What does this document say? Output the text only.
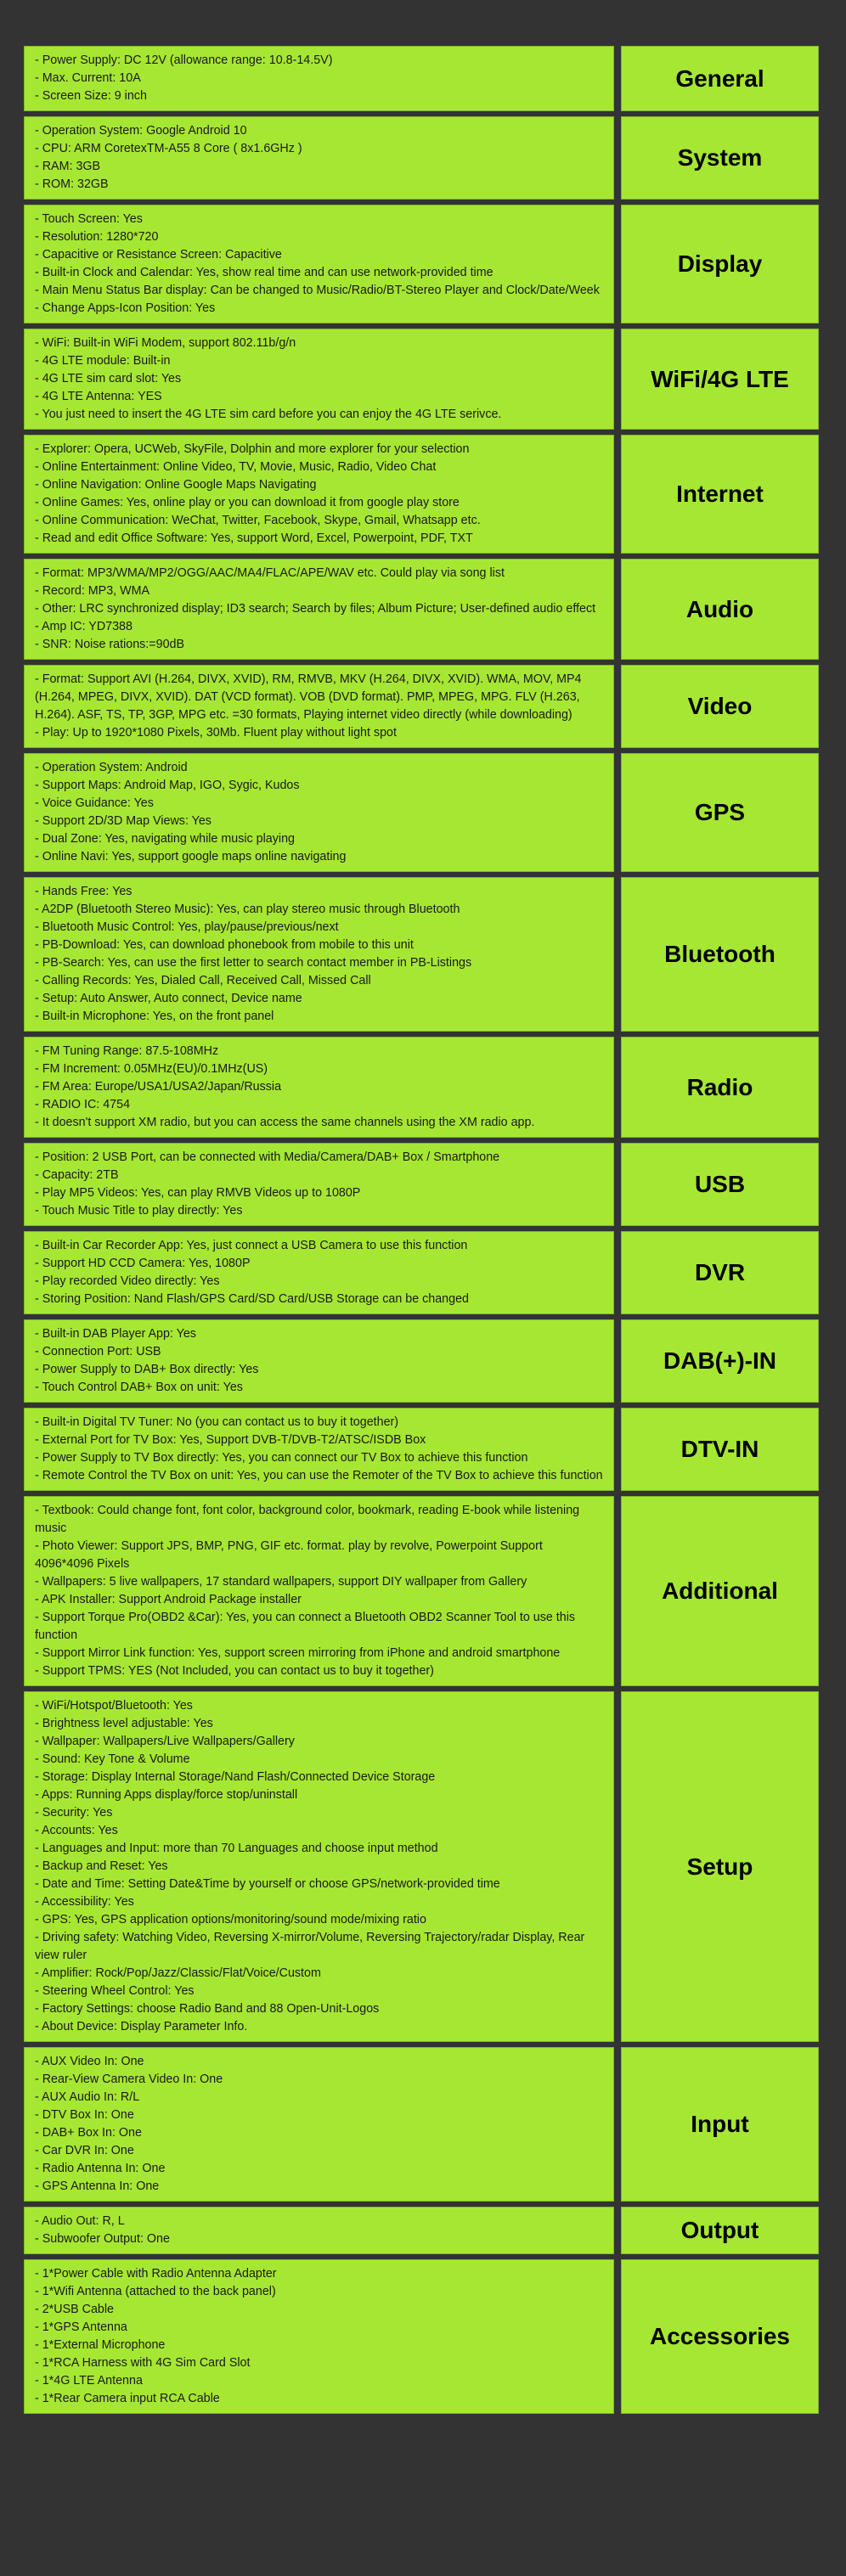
- Power Supply: DC 12V (allowance range: 10.8-14.5V)
- Max. Current: 10A
- Screen Size: 9 inch
General
- Operation System: Google Android 10
- CPU: ARM CoretexTM-A55 8 Core ( 8x1.6GHz )
- RAM: 3GB
- ROM: 32GB
System
- Touch Screen: Yes
- Resolution: 1280*720
- Capacitive or Resistance Screen: Capacitive
- Built-in Clock and Calendar: Yes, show real time and can use network-provided time
- Main Menu Status Bar display: Can be changed to Music/Radio/BT-Stereo Player and Clock/Date/Week
- Change Apps-Icon Position: Yes
Display
- WiFi: Built-in WiFi Modem, support 802.11b/g/n
- 4G LTE module: Built-in
- 4G LTE sim card slot: Yes
- 4G LTE Antenna: YES
- You just need to insert the 4G LTE sim card before you can enjoy the 4G LTE serivce.
WiFi/4G LTE
- Explorer: Opera, UCWeb, SkyFile, Dolphin and more explorer for your selection
- Online Entertainment: Online Video, TV, Movie, Music, Radio, Video Chat
- Online Navigation: Online Google Maps Navigating
- Online Games: Yes, online play or you can download it from google play store
- Online Communication: WeChat, Twitter, Facebook, Skype, Gmail, Whatsapp etc.
- Read and edit Office Software: Yes, support Word, Excel, Powerpoint, PDF, TXT
Internet
- Format: MP3/WMA/MP2/OGG/AAC/MA4/FLAC/APE/WAV etc. Could play via song list
- Record: MP3, WMA
- Other: LRC synchronized display; ID3 search; Search by files; Album Picture; User-defined audio effect
- Amp IC: YD7388
- SNR: Noise rations:=90dB
Audio
- Format: Support AVI (H.264, DIVX, XVID), RM, RMVB, MKV (H.264, DIVX, XVID). WMA, MOV, MP4 (H.264, MPEG, DIVX, XVID). DAT (VCD format). VOB (DVD format). PMP, MPEG, MPG. FLV (H.263, H.264). ASF, TS, TP, 3GP, MPG etc. =30 formats, Playing internet video directly (while downloading)
- Play: Up to 1920*1080 Pixels, 30Mb. Fluent play without light spot
Video
- Operation System: Android
- Support Maps: Android Map, IGO, Sygic, Kudos
- Voice Guidance: Yes
- Support 2D/3D Map Views: Yes
- Dual Zone: Yes, navigating while music playing
- Online Navi: Yes, support google maps online navigating
GPS
- Hands Free: Yes
- A2DP (Bluetooth Stereo Music): Yes, can play stereo music through Bluetooth
- Bluetooth Music Control: Yes, play/pause/previous/next
- PB-Download: Yes, can download phonebook from mobile to this unit
- PB-Search: Yes, can use the first letter to search contact member in PB-Listings
- Calling Records: Yes, Dialed Call, Received Call, Missed Call
- Setup: Auto Answer, Auto connect, Device name
- Built-in Microphone: Yes, on the front panel
Bluetooth
- FM Tuning Range: 87.5-108MHz
- FM Increment: 0.05MHz(EU)/0.1MHz(US)
- FM Area: Europe/USA1/USA2/Japan/Russia
- RADIO IC: 4754
- It doesn't support XM radio, but you can access the same channels using the XM radio app.
Radio
- Position: 2 USB Port, can be connected with Media/Camera/DAB+ Box / Smartphone
- Capacity: 2TB
- Play MP5 Videos: Yes, can play RMVB Videos up to 1080P
- Touch Music Title to play directly: Yes
USB
- Built-in Car Recorder App: Yes, just connect a USB Camera to use this function
- Support HD CCD Camera: Yes, 1080P
- Play recorded Video directly: Yes
- Storing Position: Nand Flash/GPS Card/SD Card/USB Storage can be changed
DVR
- Built-in DAB Player App: Yes
- Connection Port: USB
- Power Supply to DAB+ Box directly: Yes
- Touch Control DAB+ Box on unit: Yes
DAB(+)-IN
- Built-in Digital TV Tuner: No (you can contact us to buy it together)
- External Port for TV Box: Yes, Support DVB-T/DVB-T2/ATSC/ISDB Box
- Power Supply to TV Box directly: Yes, you can connect our TV Box to achieve this function
- Remote Control the TV Box on unit: Yes, you can use the Remoter of the TV Box to achieve this function
DTV-IN
- Textbook: Could change font, font color, background color, bookmark, reading E-book while listening music
- Photo Viewer: Support JPS, BMP, PNG, GIF etc. format. play by revolve, Powerpoint Support 4096*4096 Pixels
- Wallpapers: 5 live wallpapers, 17 standard wallpapers, support DIY wallpaper from Gallery
- APK Installer: Support Android Package installer
- Support Torque Pro(OBD2 &Car): Yes, you can connect a Bluetooth OBD2 Scanner Tool to use this function
- Support Mirror Link function: Yes, support screen mirroring from iPhone and android smartphone
- Support TPMS: YES (Not Included, you can contact us to buy it together)
Additional
- WiFi/Hotspot/Bluetooth: Yes
- Brightness level adjustable: Yes
- Wallpaper: Wallpapers/Live Wallpapers/Gallery
- Sound: Key Tone & Volume
- Storage: Display Internal Storage/Nand Flash/Connected Device Storage
- Apps: Running Apps display/force stop/uninstall
- Security: Yes
- Accounts: Yes
- Languages and Input: more than 70 Languages and choose input method
- Backup and Reset: Yes
- Date and Time: Setting Date&Time by yourself or choose GPS/network-provided time
- Accessibility: Yes
- GPS: Yes, GPS application options/monitoring/sound mode/mixing ratio
- Driving safety: Watching Video, Reversing X-mirror/Volume, Reversing Trajectory/radar Display, Rear view ruler
- Amplifier: Rock/Pop/Jazz/Classic/Flat/Voice/Custom
- Steering Wheel Control: Yes
- Factory Settings: choose Radio Band and 88 Open-Unit-Logos
- About Device: Display Parameter Info.
Setup
- AUX Video In: One
- Rear-View Camera Video In: One
- AUX Audio In: R/L
- DTV Box In: One
- DAB+ Box In: One
- Car DVR In: One
- Radio Antenna In: One
- GPS Antenna In: One
Input
- Audio Out: R, L
- Subwoofer Output: One	Output
- 1*Power Cable with Radio Antenna Adapter
- 1*Wifi Antenna (attached to the back panel)
- 2*USB Cable
- 1*GPS Antenna
- 1*External Microphone
- 1*RCA Harness with 4G Sim Card Slot
- 1*4G LTE Antenna
- 1*Rear Camera input RCA Cable
Accessories
